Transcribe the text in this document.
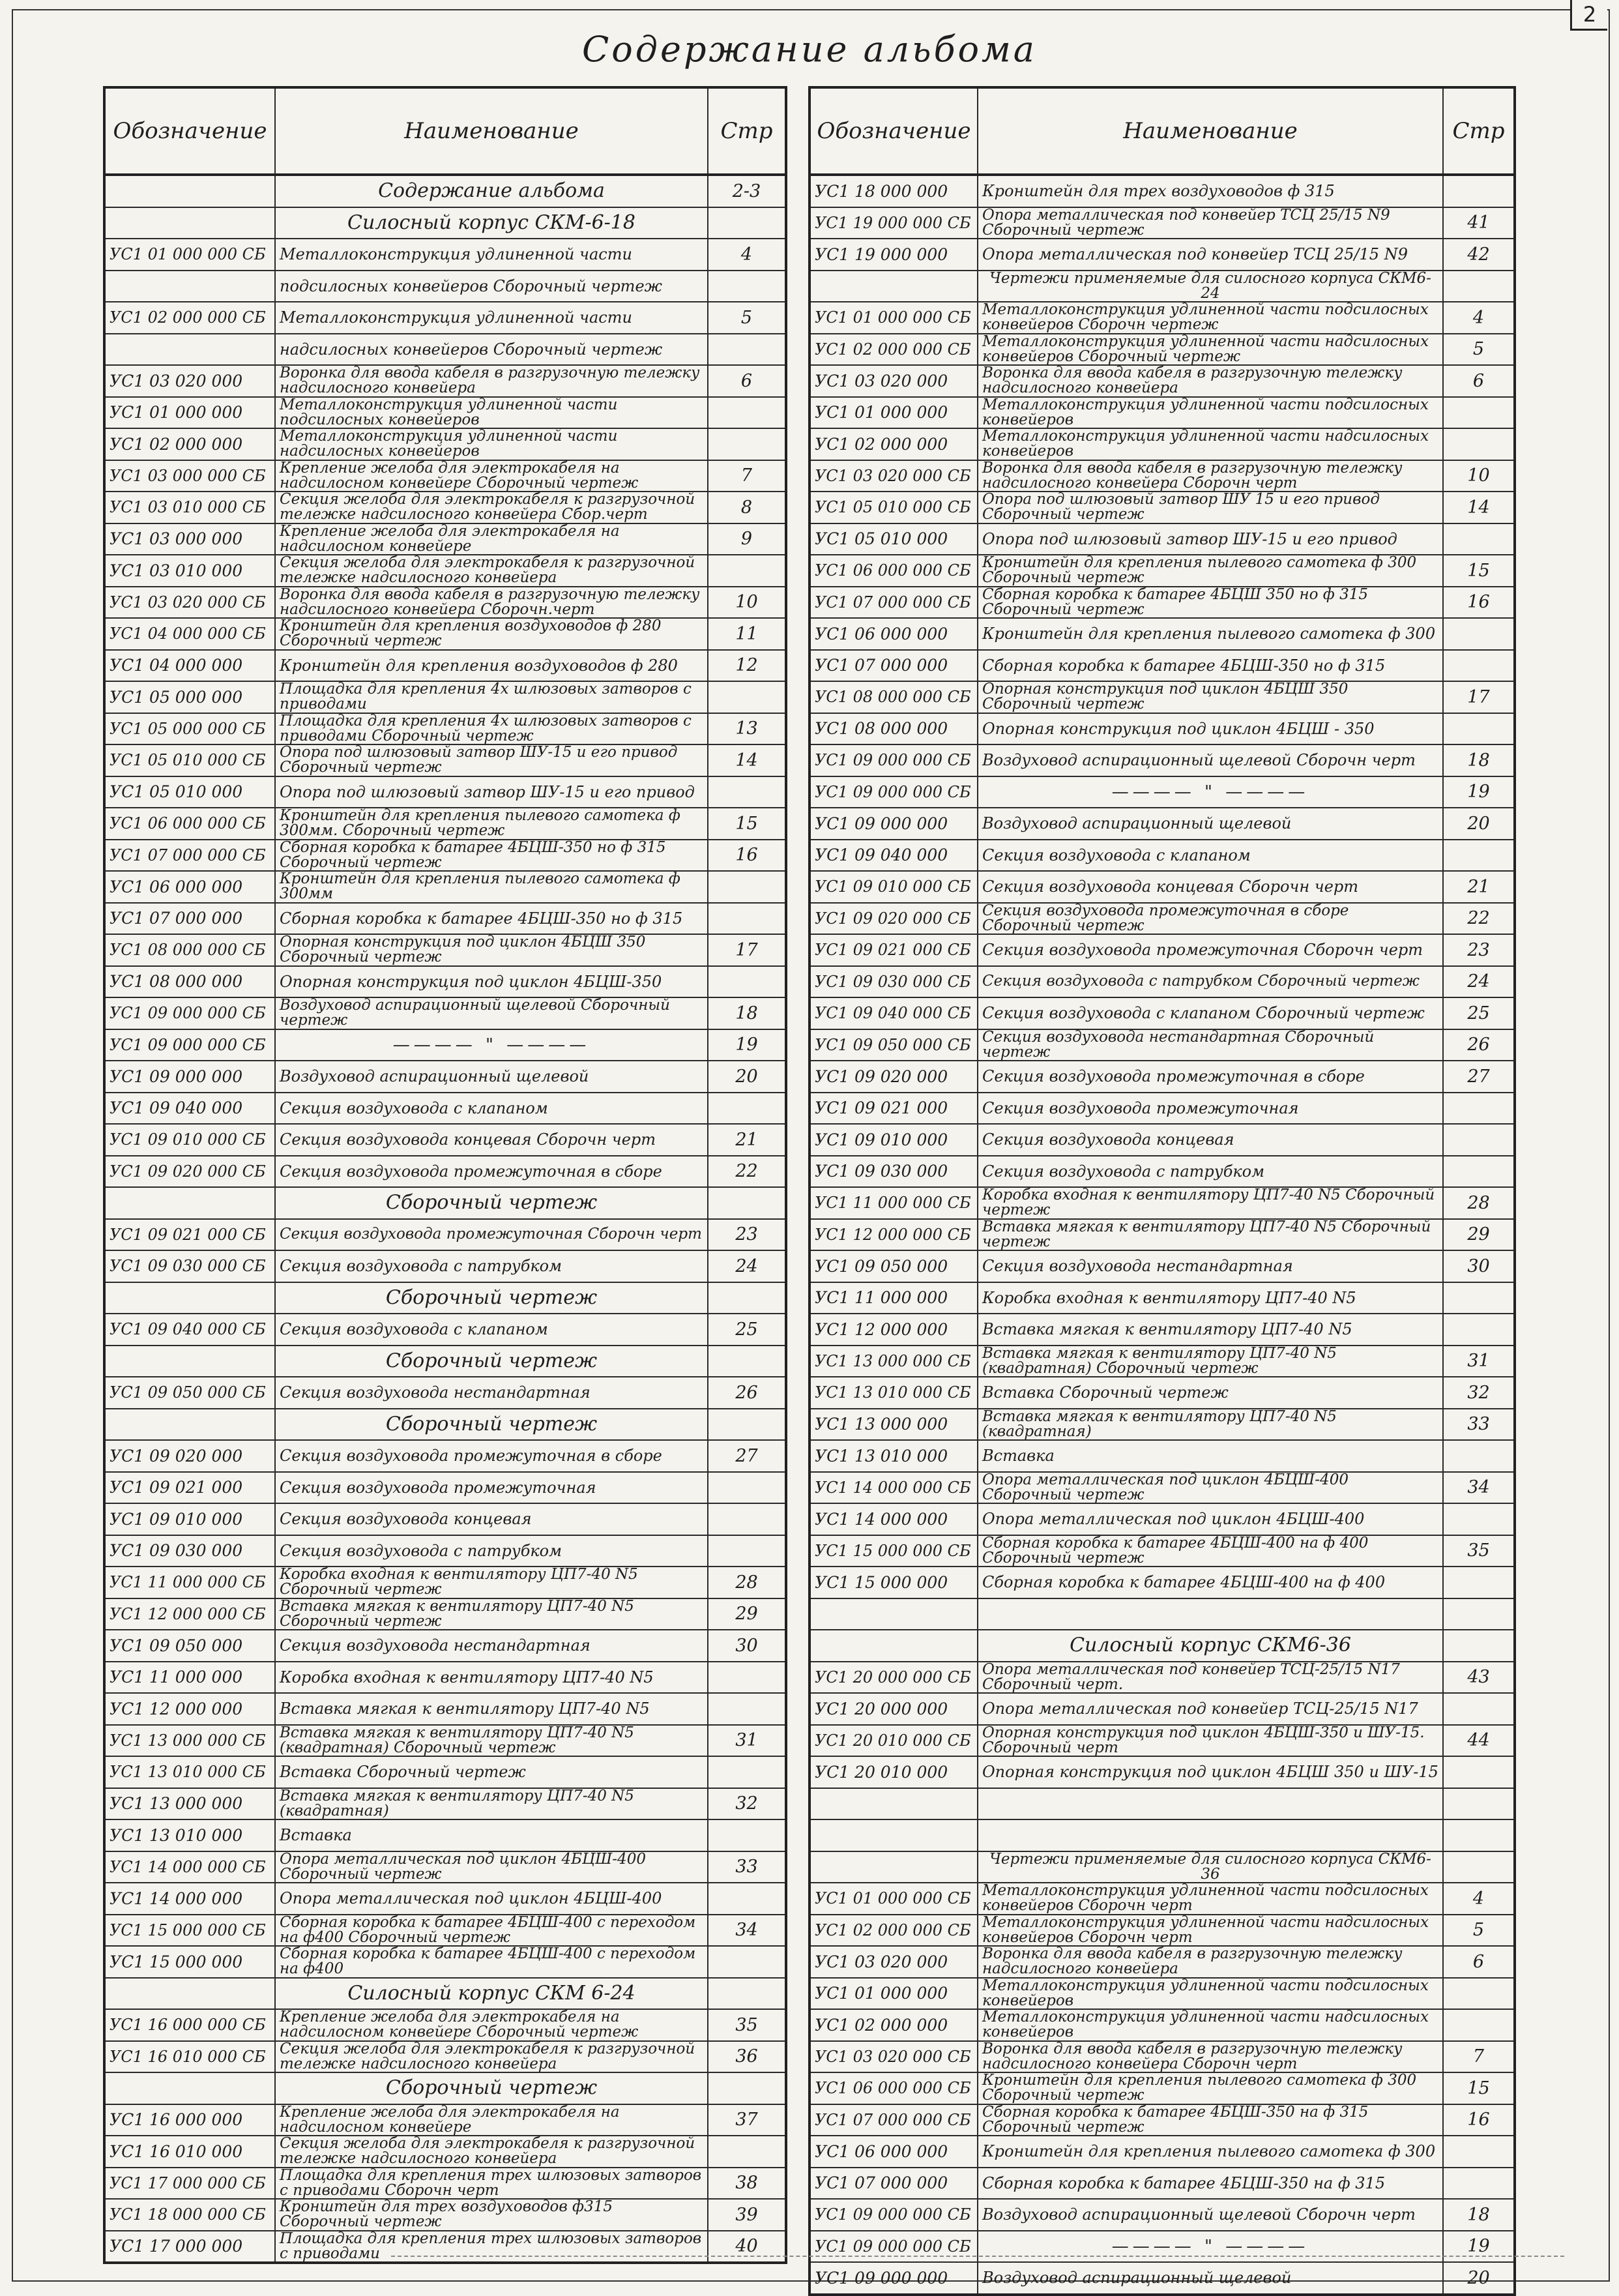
2
Содержание альбома
Обозначение	Наименование	Стр
	Содержание альбома	2-3
	Силосный корпус СКМ-6-18	
УС1 01 000 000 СБ	Металлоконструкция удлиненной части	4
	подсилосных конвейеров Сборочный чертеж	
УС1 02 000 000 СБ	Металлоконструкция удлиненной части	5
	надсилосных конвейеров Сборочный чертеж	
УС1 03 020 000	Воронка для ввода кабеля в разгрузочную тележку надсилосного конвейера	6
УС1 01 000 000	Металлоконструкция удлиненной части подсилосных конвейеров	
УС1 02 000 000	Металлоконструкция удлиненной части надсилосных конвейеров	
УС1 03 000 000 СБ	Крепление желоба для электрокабеля на надсилосном конвейере Сборочный чертеж	7
УС1 03 010 000 СБ	Секция желоба для электрокабеля к разгрузочной тележке надсилосного конвейера Сбор.черт	8
УС1 03 000 000	Крепление желоба для электрокабеля на надсилосном конвейере	9
УС1 03 010 000	Секция желоба для электрокабеля к разгрузочной тележке надсилосного конвейера	
УС1 03 020 000 СБ	Воронка для ввода кабеля в разгрузочную тележку надсилосного конвейера Сборочн.черт	10
УС1 04 000 000 СБ	Кронштейн для крепления воздуховодов ф 280 Сборочный чертеж	11
УС1 04 000 000	Кронштейн для крепления воздуховодов ф 280	12
УС1 05 000 000	Площадка для крепления 4х шлюзовых затворов с приводами	
УС1 05 000 000 СБ	Площадка для крепления 4х шлюзовых затворов с приводами Сборочный чертеж	13
УС1 05 010 000 СБ	Опора под шлюзовый затвор ШУ-15 и его привод Сборочный чертеж	14
УС1 05 010 000	Опора под шлюзовый затвор ШУ-15 и его привод	
УС1 06 000 000 СБ	Кронштейн для крепления пылевого самотека ф 300мм. Сборочный чертеж	15
УС1 07 000 000 СБ	Сборная коробка к батарее 4БЦШ-350 но ф 315 Сборочный чертеж	16
УС1 06 000 000	Кронштейн для крепления пылевого самотека ф 300мм	
УС1 07 000 000	Сборная коробка к батарее 4БЦШ-350 но ф 315	
УС1 08 000 000 СБ	Опорная конструкция под циклон 4БЦШ 350 Сборочный чертеж	17
УС1 08 000 000	Опорная конструкция под циклон 4БЦШ-350	
УС1 09 000 000 СБ	Воздуховод аспирационный щелевой Сборочный чертеж	18
УС1 09 000 000 СБ	———— " ————	19
УС1 09 000 000	Воздуховод аспирационный щелевой	20
УС1 09 040 000	Секция воздуховода с клапаном	
УС1 09 010 000 СБ	Секция воздуховода концевая Сборочн черт	21
УС1 09 020 000 СБ	Секция воздуховода промежуточная в сборе	22
	Сборочный чертеж	
УС1 09 021 000 СБ	Секция воздуховода промежуточная Сборочн черт	23
УС1 09 030 000 СБ	Секция воздуховода с патрубком	24
	Сборочный чертеж	
УС1 09 040 000 СБ	Секция воздуховода с клапаном	25
	Сборочный чертеж	
УС1 09 050 000 СБ	Секция воздуховода нестандартная	26
	Сборочный чертеж	
УС1 09 020 000	Секция воздуховода промежуточная в сборе	27
УС1 09 021 000	Секция воздуховода промежуточная	
УС1 09 010 000	Секция воздуховода концевая	
УС1 09 030 000	Секция воздуховода с патрубком	
УС1 11 000 000 СБ	Коробка входная к вентилятору ЦП7-40 N5 Сборочный чертеж	28
УС1 12 000 000 СБ	Вставка мягкая к вентилятору ЦП7-40 N5 Сборочный чертеж	29
УС1 09 050 000	Секция воздуховода нестандартная	30
УС1 11 000 000	Коробка входная к вентилятору ЦП7-40 N5	
УС1 12 000 000	Вставка мягкая к вентилятору ЦП7-40 N5	
УС1 13 000 000 СБ	Вставка мягкая к вентилятору ЦП7-40 N5 (квадратная) Сборочный чертеж	31
УС1 13 010 000 СБ	Вставка Сборочный чертеж	
УС1 13 000 000	Вставка мягкая к вентилятору ЦП7-40 N5 (квадратная)	32
УС1 13 010 000	Вставка	
УС1 14 000 000 СБ	Опора металлическая под циклон 4БЦШ-400 Сборочный чертеж	33
УС1 14 000 000	Опора металлическая под циклон 4БЦШ-400	
УС1 15 000 000 СБ	Сборная коробка к батарее 4БЦШ-400 с переходом на ф400 Сборочный чертеж	34
УС1 15 000 000	Сборная коробка к батарее 4БЦШ-400 с переходом на ф400	
	Силосный корпус СКМ 6-24	
УС1 16 000 000 СБ	Крепление желоба для электрокабеля на надсилосном конвейере Сборочный чертеж	35
УС1 16 010 000 СБ	Секция желоба для электрокабеля к разгрузочной тележке надсилосного конвейера	36
	Сборочный чертеж	
УС1 16 000 000	Крепление желоба для электрокабеля на надсилосном конвейере	37
УС1 16 010 000	Секция желоба для электрокабеля к разгрузочной тележке надсилосного конвейера	
УС1 17 000 000 СБ	Площадка для крепления трех шлюзовых затворов с приводами Сборочн черт	38
УС1 18 000 000 СБ	Кронштейн для трех воздуховодов ф315 Сборочный чертеж	39
УС1 17 000 000	Площадка для крепления трех шлюзовых затворов с приводами	40
Обозначение	Наименование	Стр
УС1 18 000 000	Кронштейн для трех воздуховодов ф 315	
УС1 19 000 000 СБ	Опора металлическая под конвейер ТСЦ 25/15 N9 Сборочный чертеж	41
УС1 19 000 000	Опора металлическая под конвейер ТСЦ 25/15 N9	42
	Чертежи применяемые для силосного корпуса СКМ6-24	
УС1 01 000 000 СБ	Металлоконструкция удлиненной части подсилосных конвейеров Сборочн чертеж	4
УС1 02 000 000 СБ	Металлоконструкция удлиненной части надсилосных конвейеров Сборочный чертеж	5
УС1 03 020 000	Воронка для ввода кабеля в разгрузочную тележку надсилосного конвейера	6
УС1 01 000 000	Металлоконструкция удлиненной части подсилосных конвейеров	
УС1 02 000 000	Металлоконструкция удлиненной части надсилосных конвейеров	
УС1 03 020 000 СБ	Воронка для ввода кабеля в разгрузочную тележку надсилосного конвейера Сборочн черт	10
УС1 05 010 000 СБ	Опора под шлюзовый затвор ШУ 15 и его привод Сборочный чертеж	14
УС1 05 010 000	Опора под шлюзовый затвор ШУ-15 и его привод	
УС1 06 000 000 СБ	Кронштейн для крепления пылевого самотека ф 300 Сборочный чертеж	15
УС1 07 000 000 СБ	Сборная коробка к батарее 4БЦШ 350 но ф 315 Сборочный чертеж	16
УС1 06 000 000	Кронштейн для крепления пылевого самотека ф 300	
УС1 07 000 000	Сборная коробка к батарее 4БЦШ-350 но ф 315	
УС1 08 000 000 СБ	Опорная конструкция под циклон 4БЦШ 350 Сборочный чертеж	17
УС1 08 000 000	Опорная конструкция под циклон 4БЦШ - 350	
УС1 09 000 000 СБ	Воздуховод аспирационный щелевой Сборочн черт	18
УС1 09 000 000 СБ	———— " ————	19
УС1 09 000 000	Воздуховод аспирационный щелевой	20
УС1 09 040 000	Секция воздуховода с клапаном	
УС1 09 010 000 СБ	Секция воздуховода концевая Сборочн черт	21
УС1 09 020 000 СБ	Секция воздуховода промежуточная в сборе Сборочный чертеж	22
УС1 09 021 000 СБ	Секция воздуховода промежуточная Сборочн черт	23
УС1 09 030 000 СБ	Секция воздуховода с патрубком Сборочный чертеж	24
УС1 09 040 000 СБ	Секция воздуховода с клапаном Сборочный чертеж	25
УС1 09 050 000 СБ	Секция воздуховода нестандартная Сборочный чертеж	26
УС1 09 020 000	Секция воздуховода промежуточная в сборе	27
УС1 09 021 000	Секция воздуховода промежуточная	
УС1 09 010 000	Секция воздуховода концевая	
УС1 09 030 000	Секция воздуховода с патрубком	
УС1 11 000 000 СБ	Коробка входная к вентилятору ЦП7-40 N5 Сборочный чертеж	28
УС1 12 000 000 СБ	Вставка мягкая к вентилятору ЦП7-40 N5 Сборочный чертеж	29
УС1 09 050 000	Секция воздуховода нестандартная	30
УС1 11 000 000	Коробка входная к вентилятору ЦП7-40 N5	
УС1 12 000 000	Вставка мягкая к вентилятору ЦП7-40 N5	
УС1 13 000 000 СБ	Вставка мягкая к вентилятору ЦП7-40 N5 (квадратная) Сборочный чертеж	31
УС1 13 010 000 СБ	Вставка Сборочный чертеж	32
УС1 13 000 000	Вставка мягкая к вентилятору ЦП7-40 N5 (квадратная)	33
УС1 13 010 000	Вставка	
УС1 14 000 000 СБ	Опора металлическая под циклон 4БЦШ-400 Сборочный чертеж	34
УС1 14 000 000	Опора металлическая под циклон 4БЦШ-400	
УС1 15 000 000 СБ	Сборная коробка к батарее 4БЦШ-400 на ф 400 Сборочный чертеж	35
УС1 15 000 000	Сборная коробка к батарее 4БЦШ-400 на ф 400	

	Силосный корпус СКМ6-36	
УС1 20 000 000 СБ	Опора металлическая под конвейер ТСЦ-25/15 N17 Сборочный черт.	43
УС1 20 000 000	Опора металлическая под конвейер ТСЦ-25/15 N17	
УС1 20 010 000 СБ	Опорная конструкция под циклон 4БЦШ-350 и ШУ-15. Сборочный черт	44
УС1 20 010 000	Опорная конструкция под циклон 4БЦШ 350 и ШУ-15	

	Чертежи применяемые для силосного корпуса СКМ6-36	
УС1 01 000 000 СБ	Металлоконструкция удлиненной части подсилосных конвейеров Сборочн черт	4
УС1 02 000 000 СБ	Металлоконструкция удлиненной части надсилосных конвейеров Сборочн черт	5
УС1 03 020 000	Воронка для ввода кабеля в разгрузочную тележку надсилосного конвейера	6
УС1 01 000 000	Металлоконструкция удлиненной части подсилосных конвейеров	
УС1 02 000 000	Металлоконструкция удлиненной части надсилосных конвейеров	
УС1 03 020 000 СБ	Воронка для ввода кабеля в разгрузочную тележку надсилосного конвейера Сборочн черт	7
УС1 06 000 000 СБ	Кронштейн для крепления пылевого самотека ф 300 Сборочный чертеж	15
УС1 07 000 000 СБ	Сборная коробка к батарее 4БЦШ-350 на ф 315 Сборочный чертеж	16
УС1 06 000 000	Кронштейн для крепления пылевого самотека ф 300	
УС1 07 000 000	Сборная коробка к батарее 4БЦШ-350 на ф 315	
УС1 09 000 000 СБ	Воздуховод аспирационный щелевой Сборочн черт	18
УС1 09 000 000 СБ	———— " ————	19
УС1 09 000 000	Воздуховод аспирационный щелевой	20
